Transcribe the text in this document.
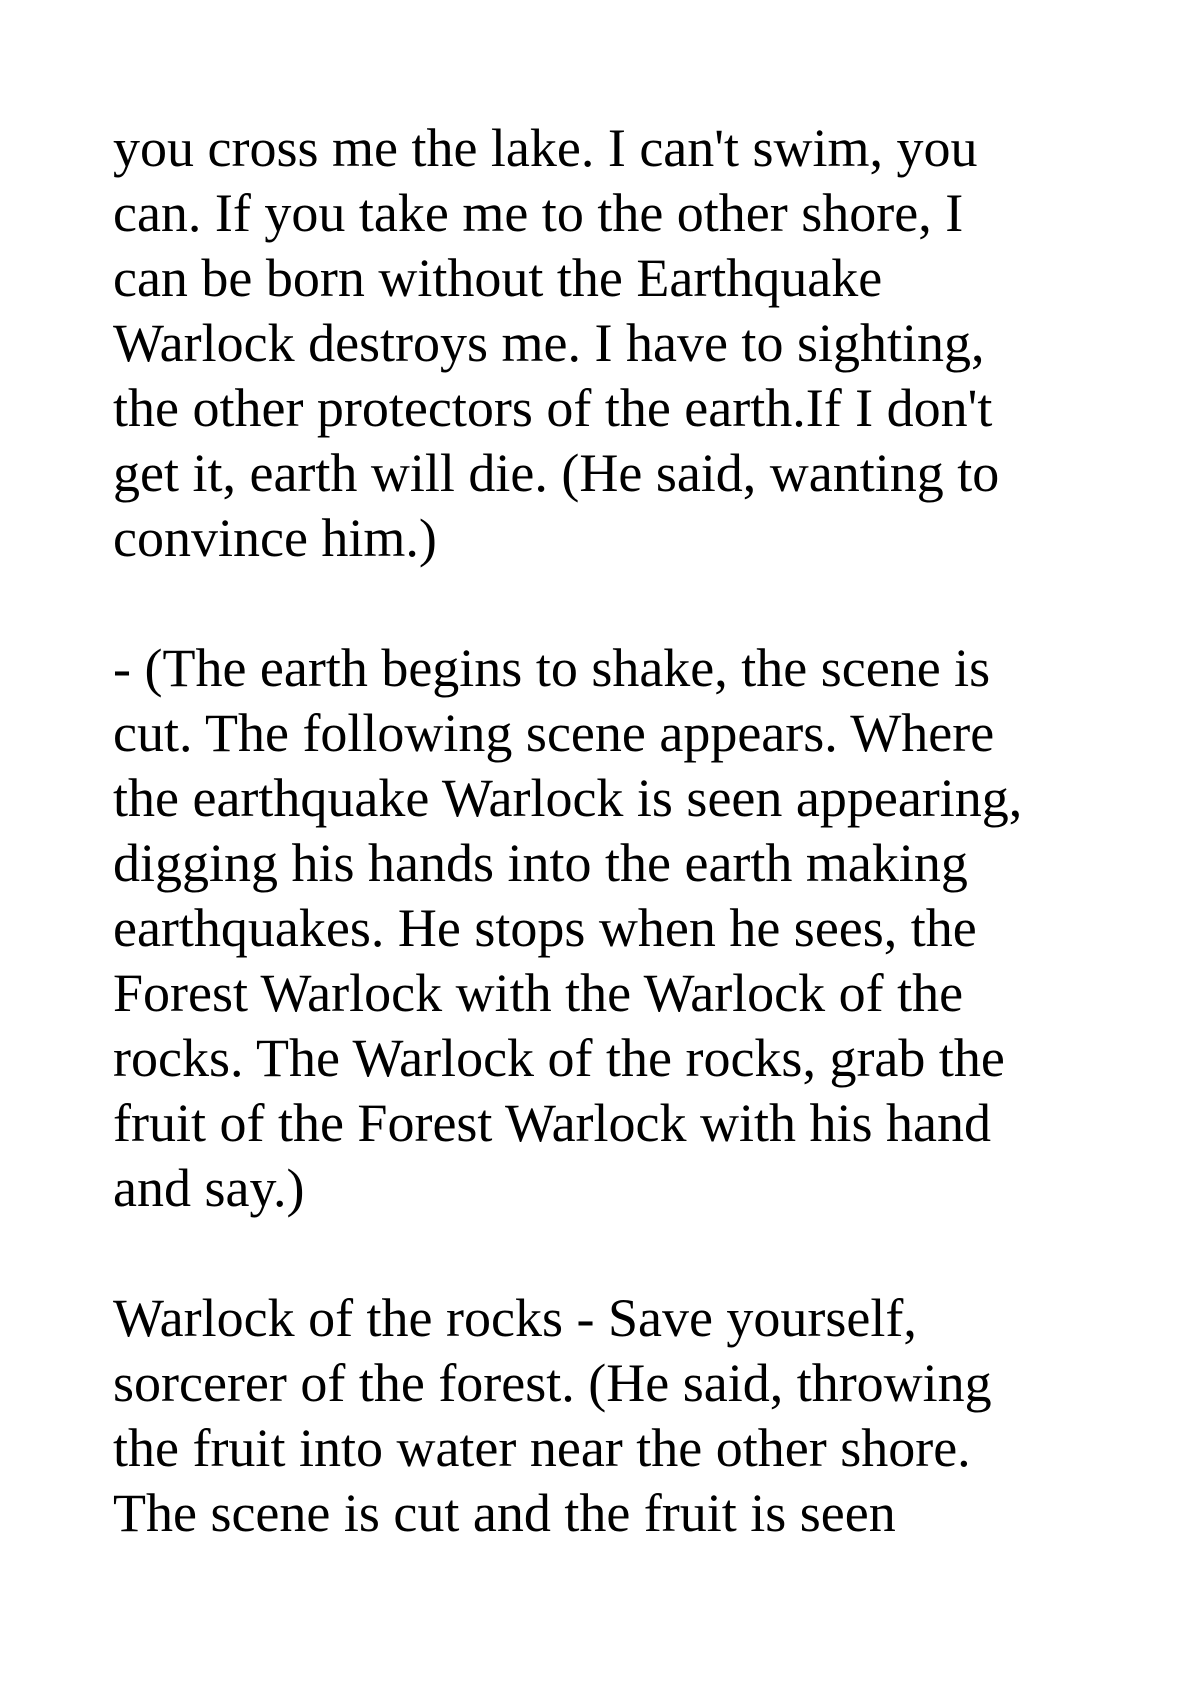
you cross me the lake. I can't swim, you
can. If you take me to the other shore, I
can be born without the Earthquake
Warlock destroys me. I have to sighting,
the other protectors of the earth.If I don't
get it, earth will die. (He said, wanting to
convince him.)
- (The earth begins to shake, the scene is
cut. The following scene appears. Where
the earthquake Warlock is seen appearing,
digging his hands into the earth making
earthquakes. He stops when he sees, the
Forest Warlock with the Warlock of the
rocks. The Warlock of the rocks, grab the
fruit of the Forest Warlock with his hand
and say.)
Warlock of the rocks - Save yourself,
sorcerer of the forest. (He said, throwing
the fruit into water near the other shore.
The scene is cut and the fruit is seen
